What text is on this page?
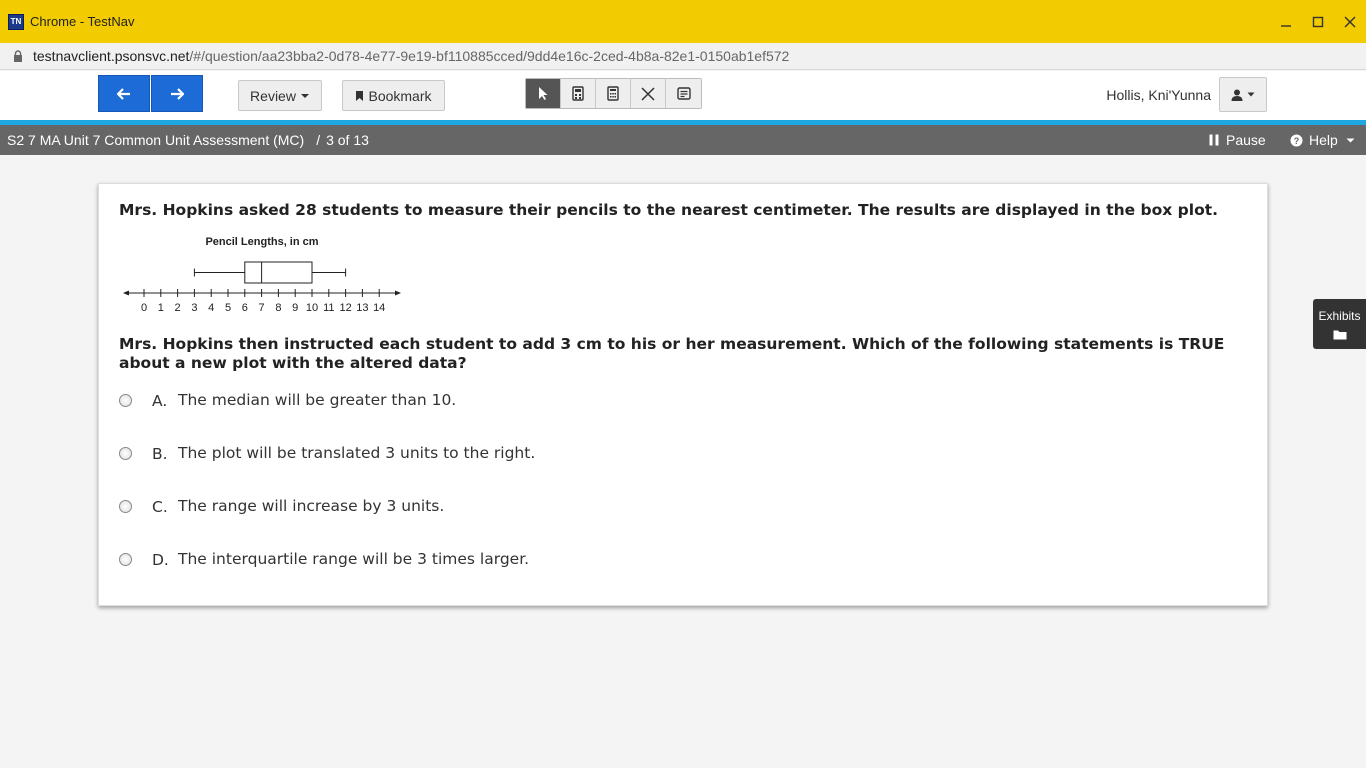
TN Chrome - TestNav
testnavclient.psonsvc.net/#/question/aa23bba2-0d78-4e77-9e19-bf110885cced/9dd4e16c-2ced-4b8a-82e1-0150ab1ef572
Review	Bookmark	Hollis, Kni'Yunna
S2 7 MA Unit 7 Common Unit Assessment (MC) / 3 of 13	Pause	? Help
Mrs. Hopkins asked 28 students to measure their pencils to the nearest centimeter. The results are displayed in the box plot.
Pencil Lengths, in cm
0 1 2 3 4 5 6 7 8 9 10 11 12 13 14
Mrs. Hopkins then instructed each student to add 3 cm to his or her measurement. Which of the following statements is TRUE about a new plot with the altered data?
A. The median will be greater than 10.
B. The plot will be translated 3 units to the right.
C. The range will increase by 3 units.
D. The interquartile range will be 3 times larger.
Exhibits
